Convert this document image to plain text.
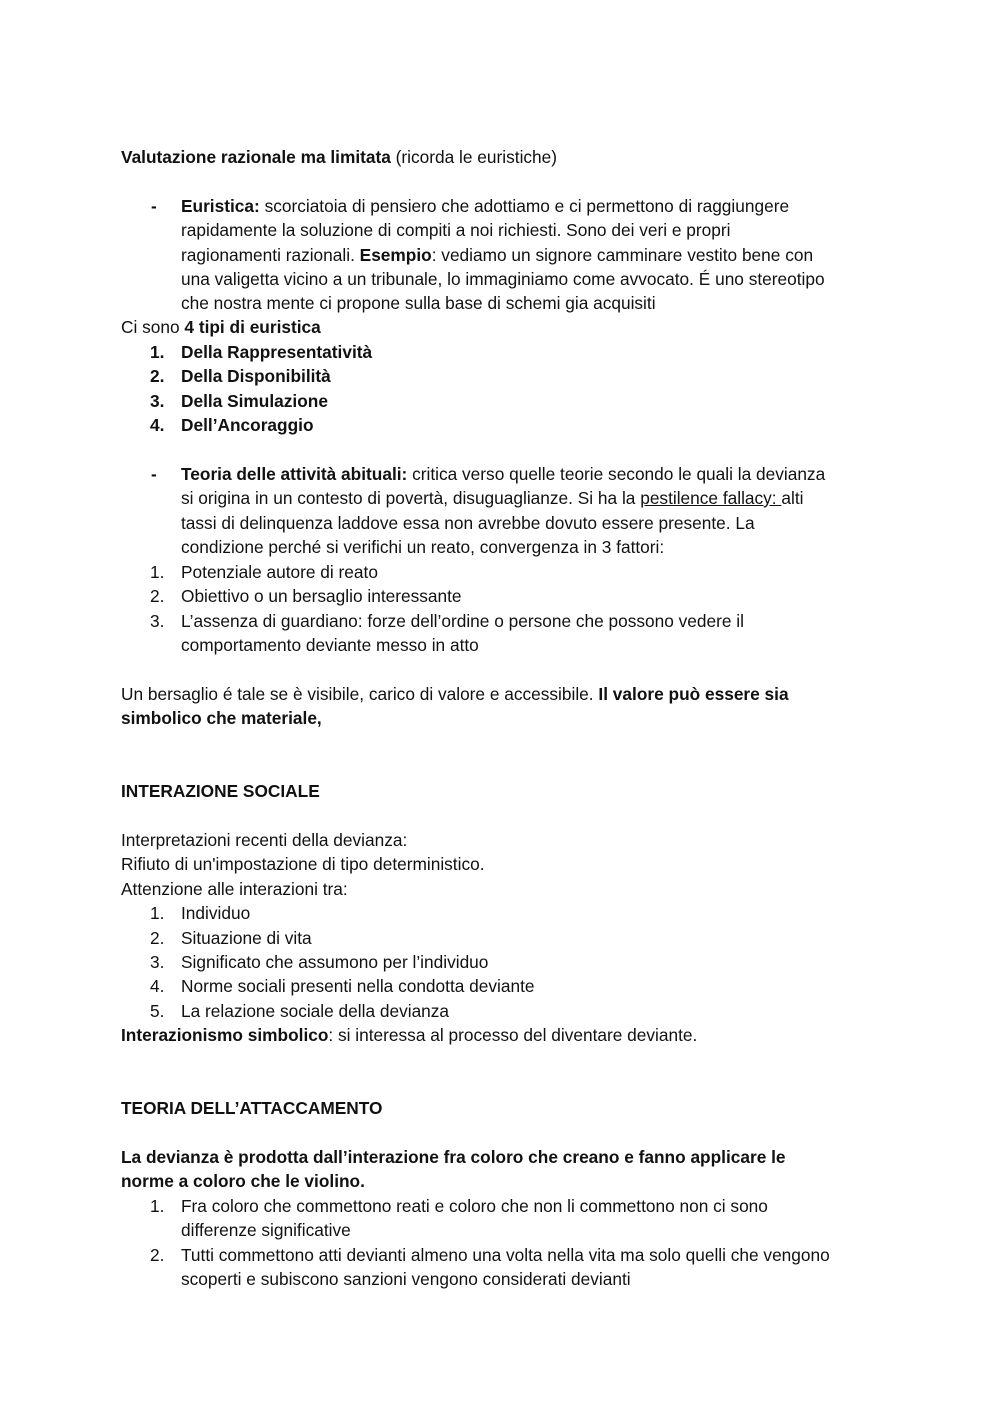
Valutazione razionale ma limitata (ricorda le euristiche)
- Euristica: scorciatoia di pensiero che adottiamo e ci permettono di raggiungere
rapidamente la soluzione di compiti a noi richiesti. Sono dei veri e propri
ragionamenti razionali. Esempio: vediamo un signore camminare vestito bene con
una valigetta vicino a un tribunale, lo immaginiamo come avvocato. É uno stereotipo
che nostra mente ci propone sulla base di schemi gia acquisiti
Ci sono 4 tipi di euristica
1. Della Rappresentatività
2. Della Disponibilità
3. Della Simulazione
4. Dell’Ancoraggio
- Teoria delle attività abituali: critica verso quelle teorie secondo le quali la devianza
si origina in un contesto di povertà, disuguaglianze. Si ha la pestilence fallacy: alti
tassi di delinquenza laddove essa non avrebbe dovuto essere presente. La
condizione perché si verifichi un reato, convergenza in 3 fattori:
1. Potenziale autore di reato
2. Obiettivo o un bersaglio interessante
3. L’assenza di guardiano: forze dell’ordine o persone che possono vedere il
comportamento deviante messo in atto
Un bersaglio é tale se è visibile, carico di valore e accessibile. Il valore può essere sia
simbolico che materiale,
INTERAZIONE SOCIALE
Interpretazioni recenti della devianza:
Rifiuto di un'impostazione di tipo deterministico.
Attenzione alle interazioni tra:
1. Individuo
2. Situazione di vita
3. Significato che assumono per l’individuo
4. Norme sociali presenti nella condotta deviante
5. La relazione sociale della devianza
Interazionismo simbolico: si interessa al processo del diventare deviante.
TEORIA DELL’ATTACCAMENTO
La devianza è prodotta dall’interazione fra coloro che creano e fanno applicare le
norme a coloro che le violino.
1. Fra coloro che commettono reati e coloro che non li commettono non ci sono
differenze significative
2. Tutti commettono atti devianti almeno una volta nella vita ma solo quelli che vengono
scoperti e subiscono sanzioni vengono considerati devianti
